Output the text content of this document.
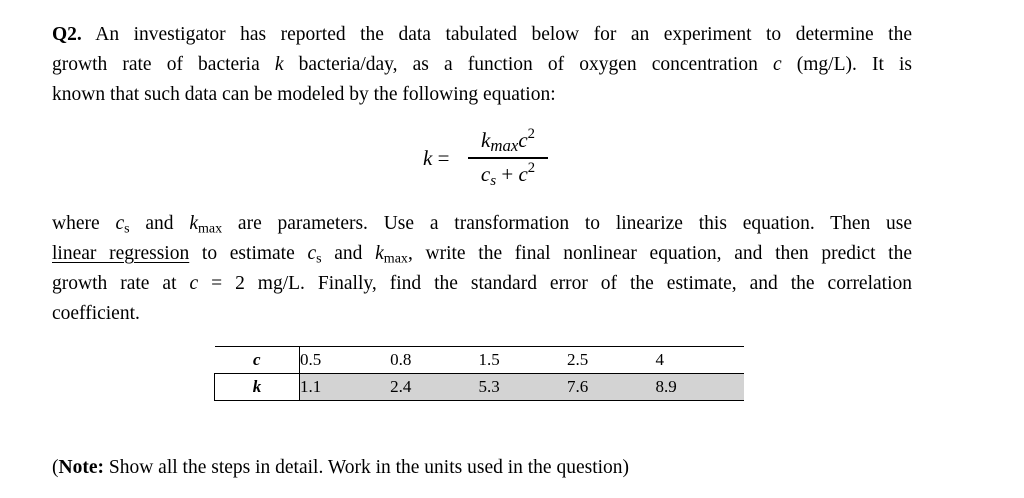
Q2. An investigator has reported the data tabulated below for an experiment to determine the
growth rate of bacteria k bacteria/day, as a function of oxygen concentration c (mg/L). It is
known that such data can be modeled by the following equation:
k =
$k_{max}c^2$
$c_s + c^2$
where $c_s$ and $k_{max}$ are parameters. Use a transformation to linearize this equation. Then use
linear regression to estimate $c_s$ and $k_{max}$, write the final nonlinear equation, and then predict the
growth rate at c = 2 mg/L. Finally, find the standard error of the estimate, and the correlation
coefficient.
c	0.5	0.8	1.5	2.5	4
k	1.1	2.4	5.3	7.6	8.9
(Note: Show all the steps in detail. Work in the units used in the question)
